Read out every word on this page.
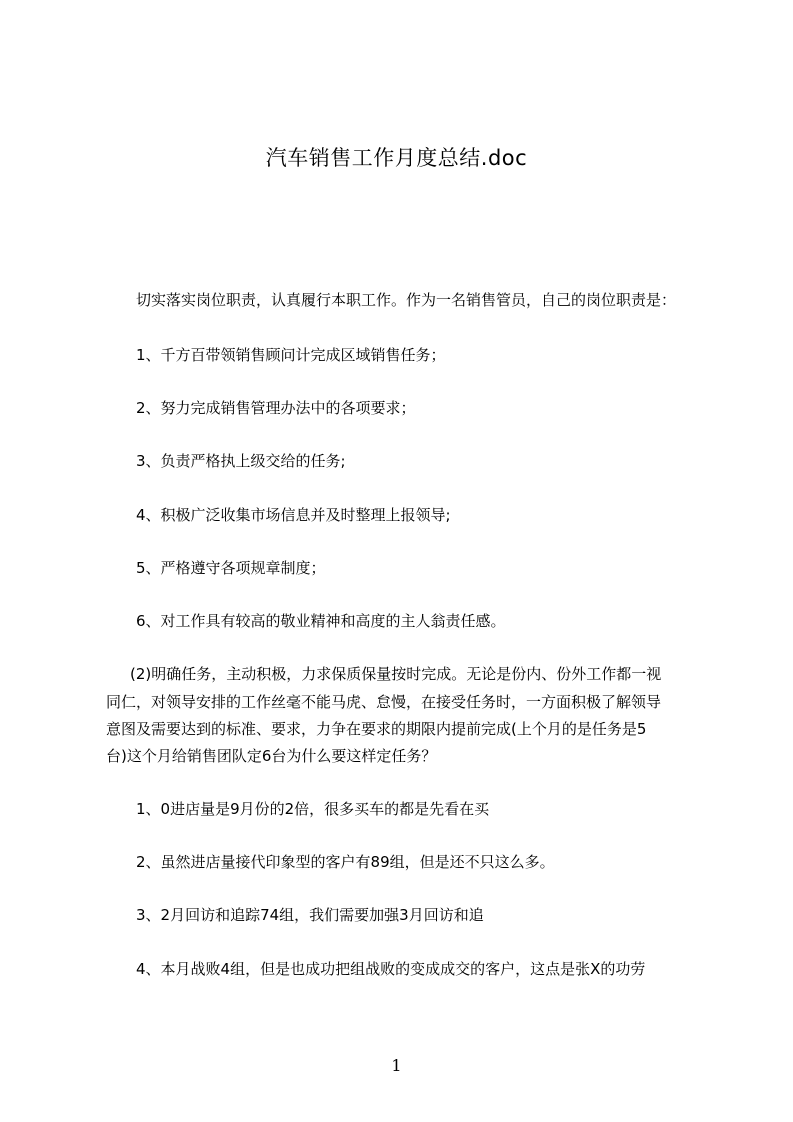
汽车销售工作月度总结.doc
切实落实岗位职责，认真履行本职工作。作为一名销售管员，自己的岗位职责是：
1、千方百带领销售顾问计完成区域销售任务；
2、努力完成销售管理办法中的各项要求；
3、负责严格执上级交给的任务;
4、积极广泛收集市场信息并及时整理上报领导;
5、严格遵守各项规章制度；
6、对工作具有较高的敬业精神和高度的主人翁责任感。
(2)明确任务，主动积极，力求保质保量按时完成。无论是份内、份外工作都一视
同仁，对领导安排的工作丝毫不能马虎、怠慢，在接受任务时，一方面积极了解领导
意图及需要达到的标准、要求，力争在要求的期限内提前完成(上个月的是任务是5
台)这个月给销售团队定6台为什么要这样定任务？
1、0进店量是9月份的2倍，很多买车的都是先看在买
2、虽然进店量接代印象型的客户有89组，但是还不只这么多。
3、2月回访和追踪74组，我们需要加强3月回访和追
4、本月战败4组，但是也成功把组战败的变成成交的客户，这点是张X的功劳
1
